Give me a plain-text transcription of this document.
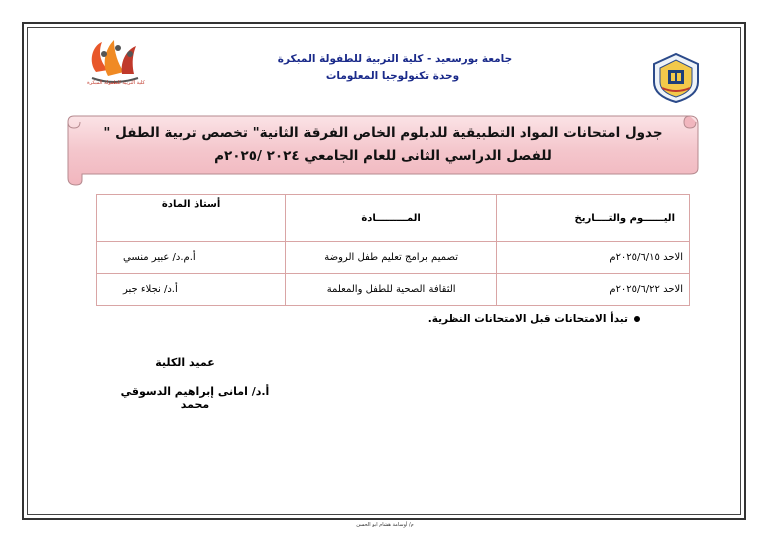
كلية التربية للطفولة المبكرة
جامعة بورسعيد - كلية التربية للطفولة المبكرة
وحدة تكنولوجيا المعلومات
جدول امتحانات المواد التطبيقية للدبلوم الخاص الفرقة الثانية" تخصص تربية الطفل "
للفصل الدراسي الثانى للعام الجامعي ٢٠٢٤ /٢٠٢٥م
اليــــــوم والتــــاريخ	المـــــــــادة	أستاذ المادة
الاحد ٢٠٢٥/٦/١٥م	تصميم برامج تعليم طفل الروضة	أ.م.د/ عبير منسي
الاحد ٢٠٢٥/٦/٢٢م	الثقافة الصحية للطفل والمعلمة	أ.د/ نجلاء جبر
تبدأ الامتحانات قبل الامتحانات النظرية.
عميد الكلية
أ.د/ امانى إبراهيم الدسوقي محمد
م/ أوسامة هشام ابو الحسن
